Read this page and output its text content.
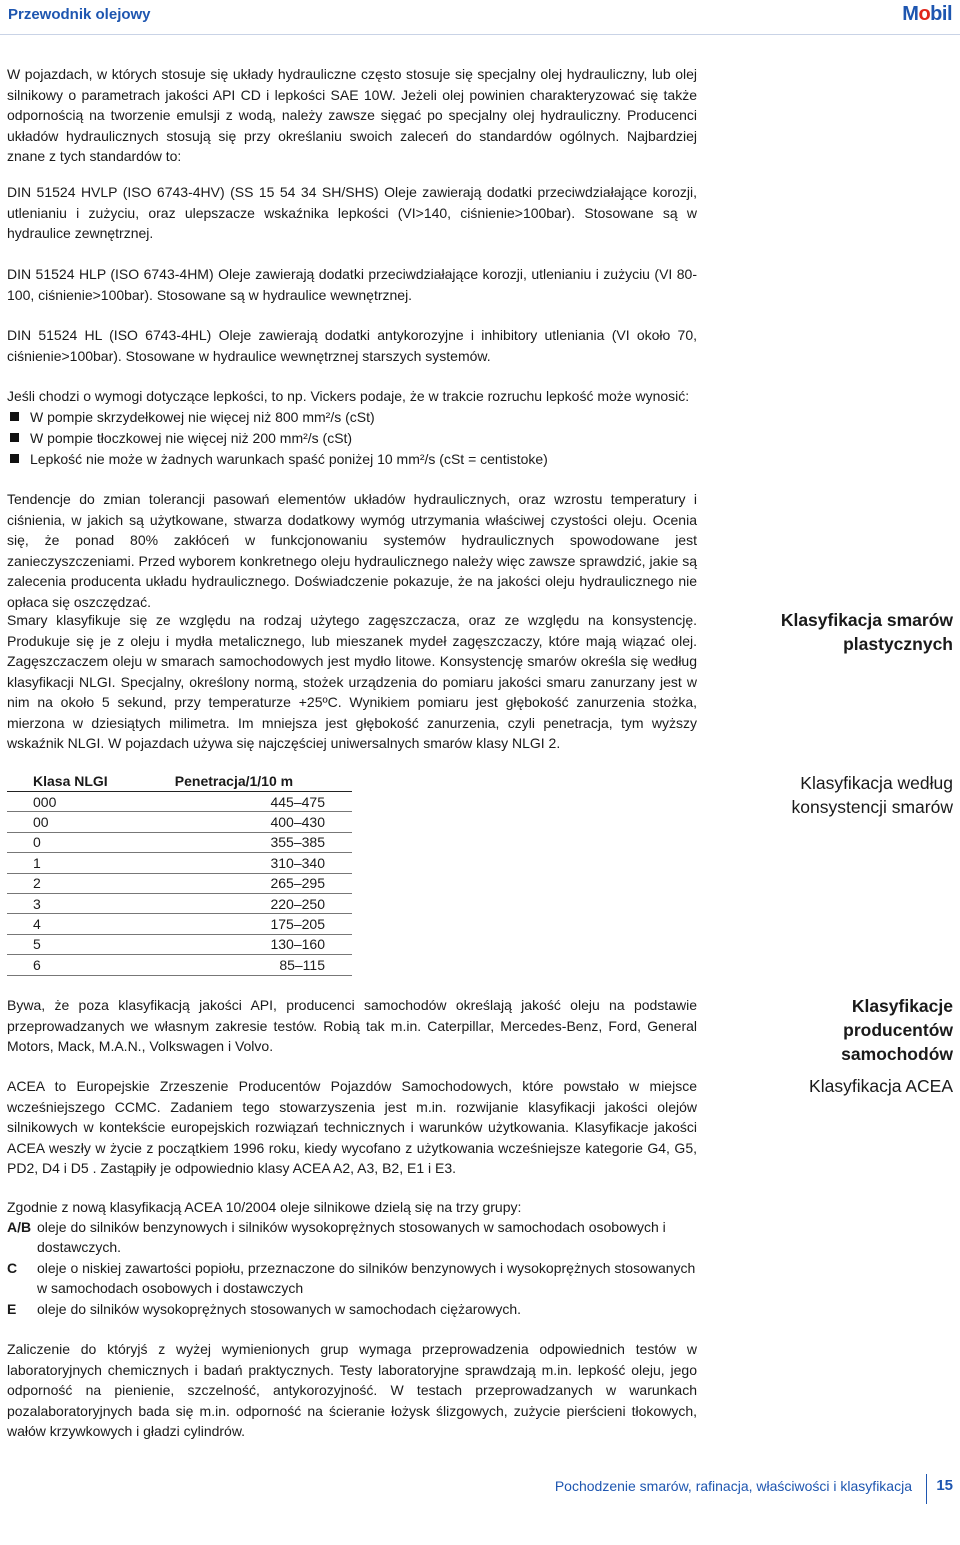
Przewodnik olejowy	Mobil

W pojazdach, w których stosuje się układy hydrauliczne często stosuje się specjalny olej hydrauliczny, lub olej silnikowy o parametrach jakości API CD i lepkości SAE 10W. Jeżeli olej powinien charakteryzować się także odpornością na tworzenie emulsji z wodą, należy zawsze sięgać po specjalny olej hydrauliczny. Producenci układów hydraulicznych stosują się przy określaniu swoich zaleceń do standardów ogólnych. Najbardziej znane z tych standardów to:

DIN 51524 HVLP (ISO 6743-4HV) (SS 15 54 34 SH/SHS) Oleje zawierają dodatki przeciwdziałające korozji, utlenianiu i zużyciu, oraz ulepszacze wskaźnika lepkości (VI>140, ciśnienie>100bar). Stosowane są w hydraulice zewnętrznej.

DIN 51524 HLP (ISO 6743-4HM) Oleje zawierają dodatki przeciwdziałające korozji, utlenianiu i zużyciu (VI 80-100, ciśnienie>100bar). Stosowane są w hydraulice wewnętrznej.

DIN 51524 HL (ISO 6743-4HL) Oleje zawierają dodatki antykorozyjne i inhibitory utleniania (VI około 70, ciśnienie>100bar). Stosowane w hydraulice wewnętrznej starszych systemów.

Jeśli chodzi o wymogi dotyczące lepkości, to np. Vickers podaje, że w trakcie rozruchu lepkość może wynosić:

W pompie skrzydełkowej nie więcej niż 800 mm²/s (cSt)
W pompie tłoczkowej nie więcej niż 200 mm²/s (cSt)
Lepkość nie może w żadnych warunkach spaść poniżej 10 mm²/s (cSt = centistoke)

Tendencje do zmian tolerancji pasowań elementów układów hydraulicznych, oraz wzrostu temperatury i ciśnienia, w jakich są użytkowane, stwarza dodatkowy wymóg utrzymania właściwej czystości oleju. Ocenia się, że ponad 80% zakłóceń w funkcjonowaniu systemów hydraulicznych spowodowane jest zanieczyszczeniami. Przed wyborem konkretnego oleju hydraulicznego należy więc zawsze sprawdzić, jakie są zalecenia producenta układu hydraulicznego. Doświadczenie pokazuje, że na jakości oleju hydraulicznego nie opłaca się oszczędzać.

Smary klasyfikuje się ze względu na rodzaj użytego zagęszczacza, oraz ze względu na konsystencję. Produkuje się je z oleju i mydła metalicznego, lub mieszanek mydeł zagęszczaczy, które mają wiązać olej. Zagęszczaczem oleju w smarach samochodowych jest mydło litowe. Konsystencję smarów określa się według klasyfikacji NLGI. Specjalny, określony normą, stożek urządzenia do pomiaru jakości smaru zanurzany jest w nim na około 5 sekund, przy temperaturze +25ºC. Wynikiem pomiaru jest głębokość zanurzenia stożka, mierzona w dziesiątych milimetra. Im mniejsza jest głębokość zanurzenia, czyli penetracja, tym wyższy wskaźnik NLGI. W pojazdach używa się najczęściej uniwersalnych smarów klasy NLGI 2.

Klasyfikacja smarów plastycznych
Klasyfikacja według konsystencji smarów
Klasa NLGI	Penetracja/1/10 m
000	445–475
00	400–430
0	355–385
1	310–340
2	265–295
3	220–250
4	175–205
5	130–160
6	85–115

Bywa, że poza klasyfikacją jakości API, producenci samochodów określają jakość oleju na podstawie przeprowadzanych we własnym zakresie testów. Robią tak m.in. Caterpillar, Mercedes-Benz, Ford, General Motors, Mack, M.A.N., Volkswagen i Volvo.

Klasyfikacje producentów samochodów
Klasyfikacja ACEA

ACEA to Europejskie Zrzeszenie Producentów Pojazdów Samochodowych, które powstało w miejsce wcześniejszego CCMC. Zadaniem tego stowarzyszenia jest m.in. rozwijanie klasyfikacji jakości olejów silnikowych w kontekście europejskich rozwiązań technicznych i warunków użytkowania. Klasyfikacje jakości ACEA weszły w życie z początkiem 1996 roku, kiedy wycofano z użytkowania wcześniejsze kategorie G4, G5, PD2, D4 i D5 . Zastąpiły je odpowiednio klasy ACEA A2, A3, B2, E1 i E3.

Zgodnie z nową klasyfikacją ACEA 10/2004 oleje silnikowe dzielą się na trzy grupy:

A/B oleje do silników benzynowych i silników wysokoprężnych stosowanych w samochodach osobowych i dostawczych.
C oleje o niskiej zawartości popiołu, przeznaczone do silników benzynowych i wysokoprężnych stosowanych w samochodach osobowych i dostawczych
E oleje do silników wysokoprężnych stosowanych w samochodach ciężarowych.

Zaliczenie do któryjś z wyżej wymienionych grup wymaga przeprowadzenia odpowiednich testów w laboratoryjnych chemicznych i badań praktycznych. Testy laboratoryjne sprawdzają m.in. lepkość oleju, jego odporność na pienienie, szczelność, antykorozyjność. W testach przeprowadzanych w warunkach pozalaboratoryjnych bada się m.in. odporność na ścieranie łożysk ślizgowych, zużycie pierścieni tłokowych, wałów krzywkowych i gładzi cylindrów.

Pochodzenie smarów, rafinacja, właściwości i klasyfikacja 15
